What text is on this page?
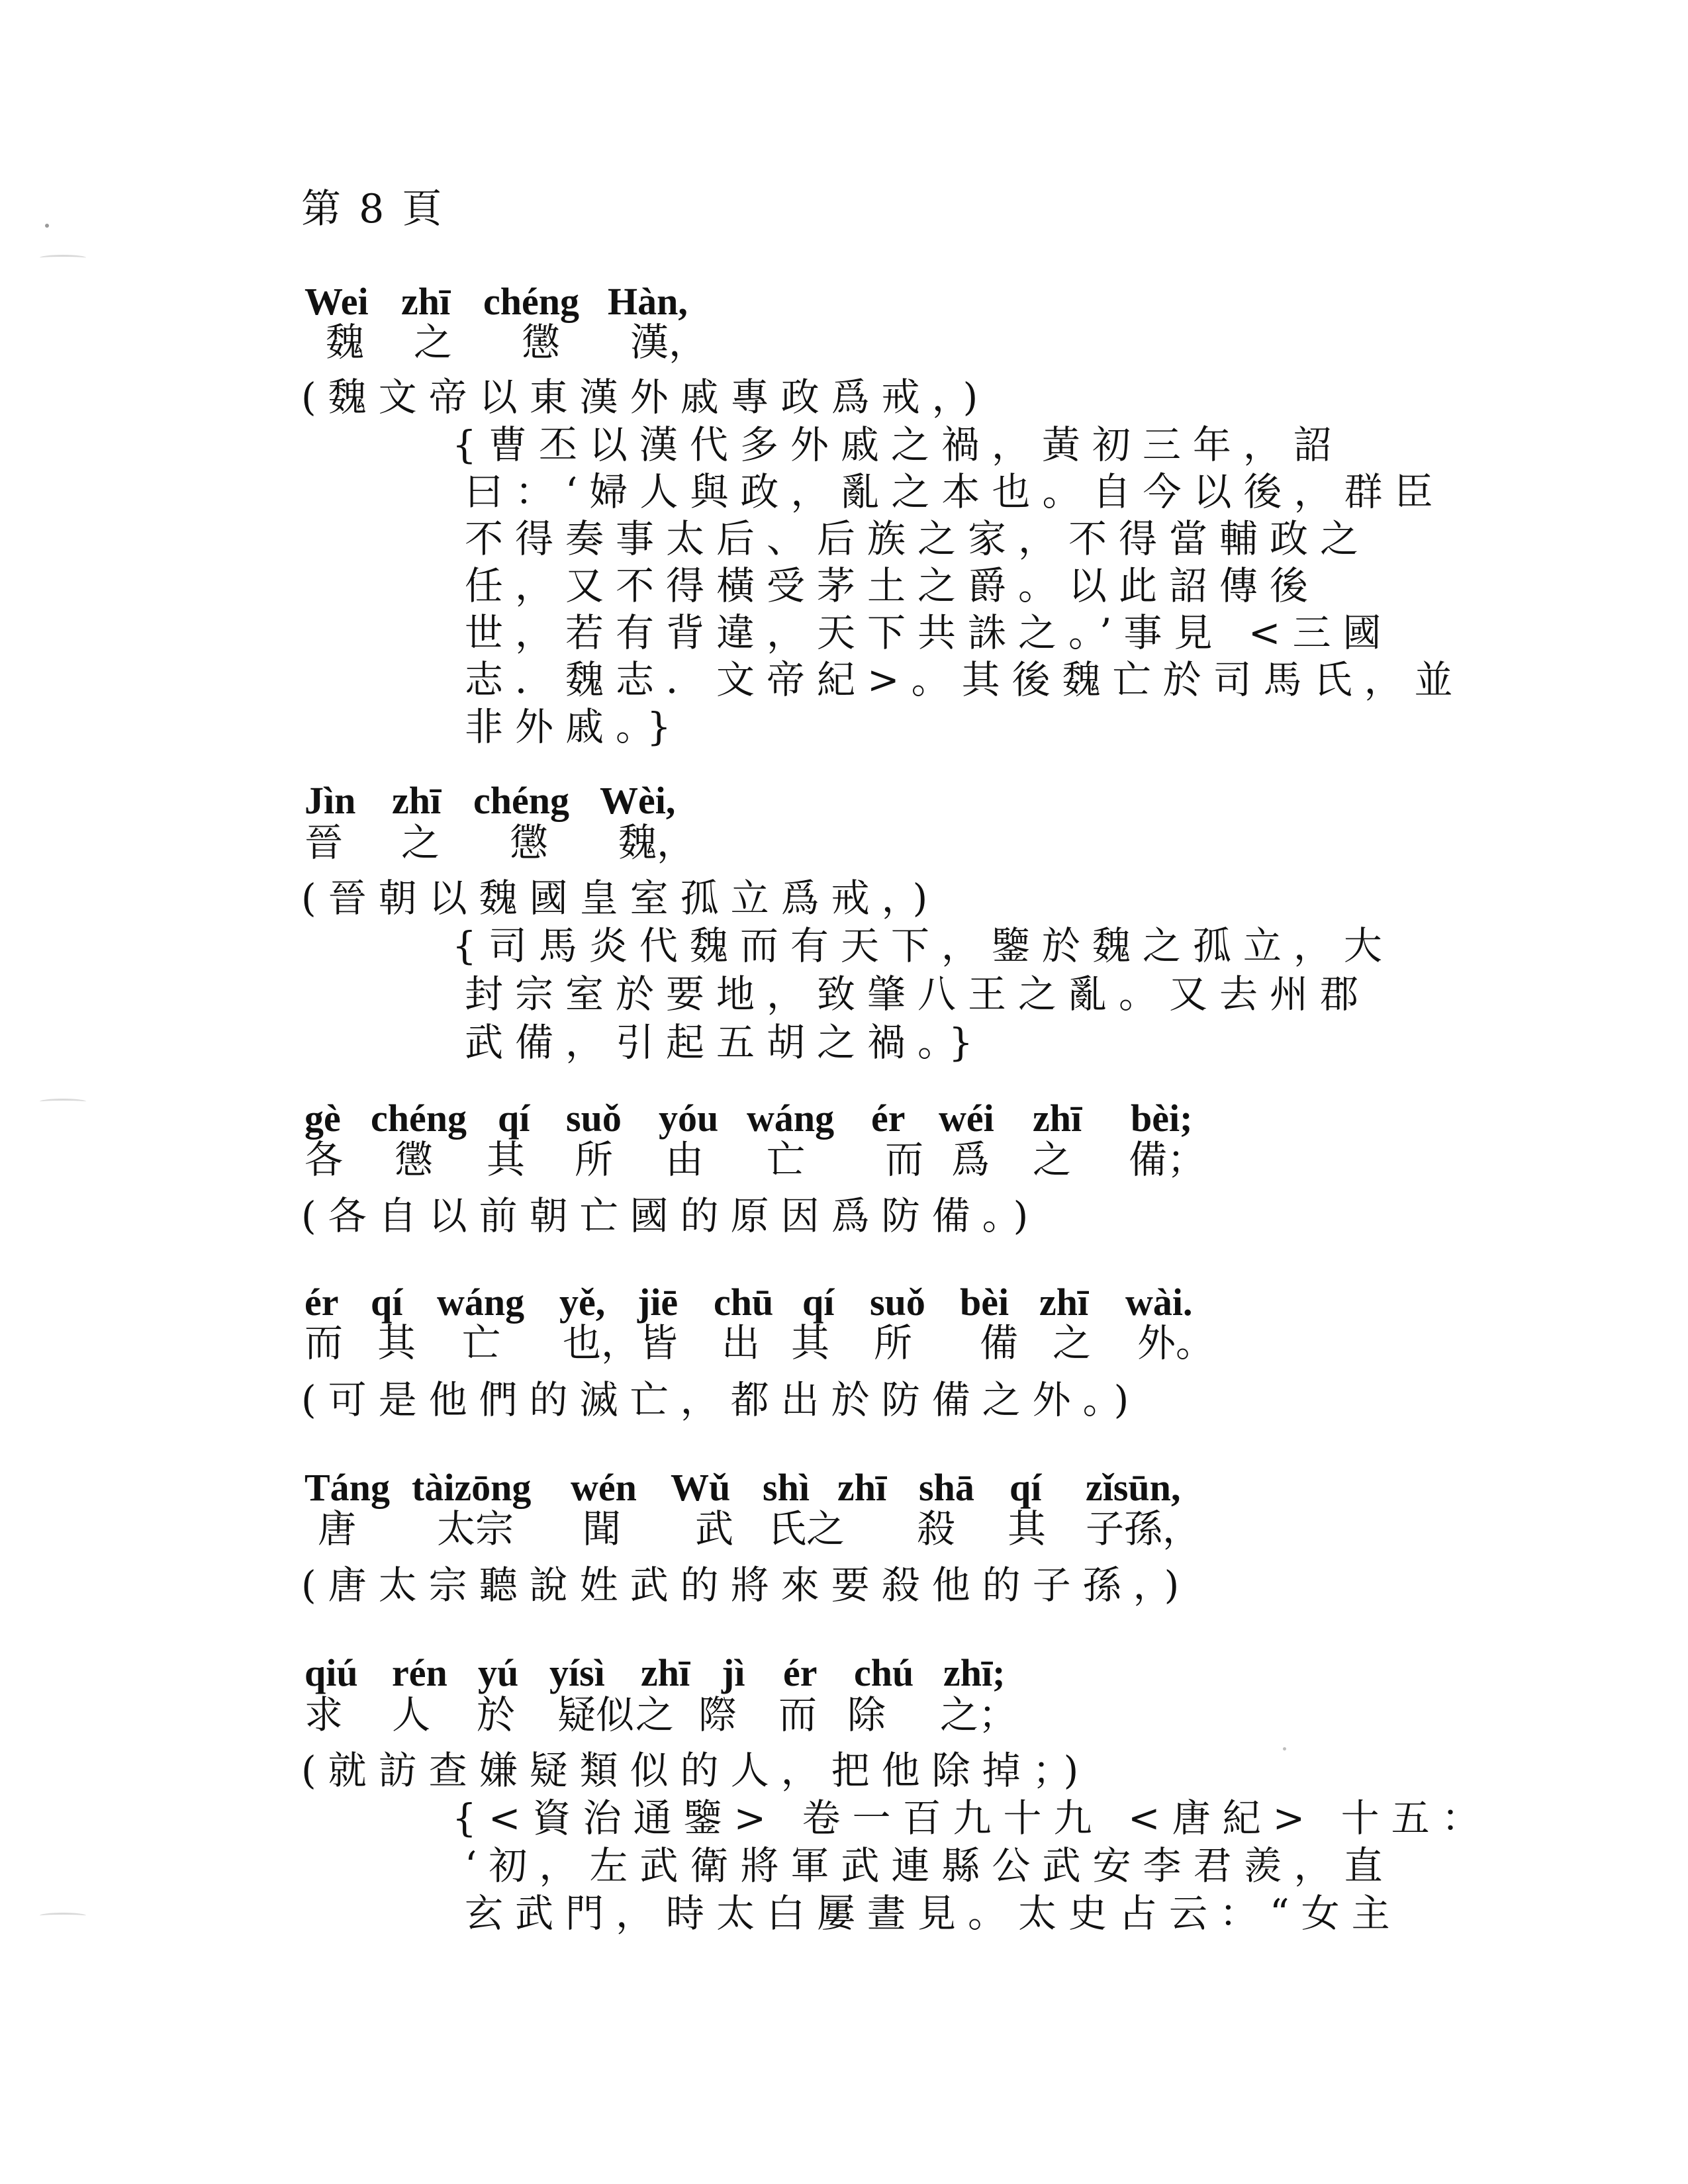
第 8 頁
Wei zhī chéng Hàn,
魏 之 懲 漢，
(魏文帝以東漢外戚專政爲戒，)
{曹丕以漢代多外戚之禍，黃初三年，詔
曰：‘婦人與政，亂之本也。自今以後，群臣
不得奏事太后、后族之家，不得當輔政之
任，又不得橫受茅土之爵。以此詔傳後
世，若有背違，天下共誅之。’事見 <三國
志．魏志．文帝紀>。其後魏亡於司馬氏，並
非外戚。}
Jìn zhī chéng Wèi,
晉 之 懲 魏，
(晉朝以魏國皇室孤立爲戒，)
{司馬炎代魏而有天下，鑒於魏之孤立，大
封宗室於要地，致肇八王之亂。又去州郡
武備，引起五胡之禍。}
gè chéng qí suǒ yóu wáng ér wéi zhī bèi;
各 懲 其 所 由 亡 而 爲 之 備；
(各自以前朝亡國的原因爲防備。)
ér qí wáng yě, jiē chū qí suǒ bèi zhī wài.
而 其 亡 也，皆 出 其 所 備 之 外。
(可是他們的滅亡，都出於防備之外。)
Táng tàizōng wén Wǔ shì zhī shā qí zǐsūn,
唐 太宗 聞 武 氏之 殺 其 子孫，
(唐太宗聽說姓武的將來要殺他的子孫，)
qiú rén yú yísì zhī jì ér chú zhī;
求 人 於 疑似 之 際 而 除 之；
(就訪查嫌疑類似的人，把他除掉；)
{<資治通鑒> 卷一百九十九 <唐紀> 十五：
‘初，左武衛將軍武連縣公武安李君羨，直
玄武門，時太白屢晝見。太史占云：“女主
